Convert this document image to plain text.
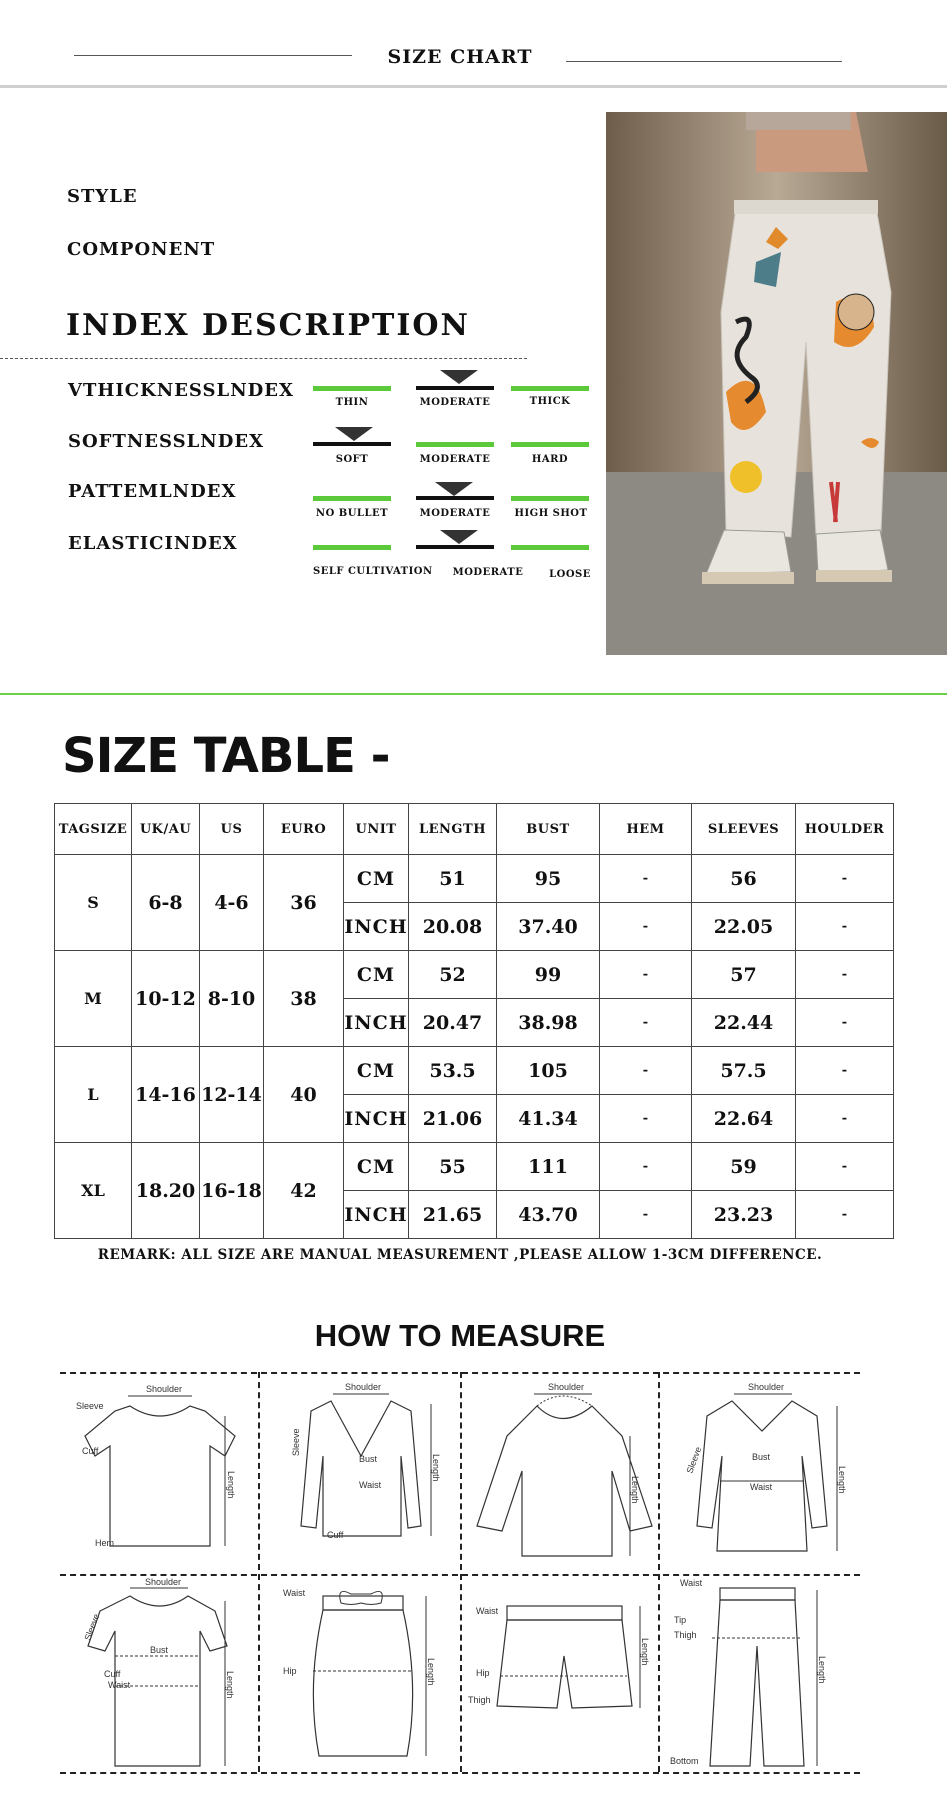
SIZE CHART
STYLE
COMPONENT
INDEX DESCRIPTION
VTHICKNESSLNDEX
SOFTNESSLNDEX
PATTEMLNDEX
ELASTICINDEX
THIN	MODERATE	THICK
SOFT	MODERATE	HARD
NO BULLET	MODERATE	HIGH SHOT
SELF CULTIVATION	MODERATE	LOOSE
SIZE TABLE -
TAGSIZE	UK/AU	US	EURO	UNIT	LENGTH	BUST	HEM	SLEEVES	HOULDER
S	6-8	4-6	36	CM	51	95	-	56	-
				INCH	20.08	37.40	-	22.05	-
M	10-12	8-10	38	CM	52	99	-	57	-
				INCH	20.47	38.98	-	22.44	-
L	14-16	12-14	40	CM	53.5	105	-	57.5	-
				INCH	21.06	41.34	-	22.64	-
XL	18.20	16-18	42	CM	55	111	-	59	-
				INCH	21.65	43.70	-	23.23	-
REMARK: ALL SIZE ARE MANUAL MEASUREMENT ,PLEASE ALLOW 1-3CM DIFFERENCE.
HOW TO MEASURE
Shoulder
Sleeve
Cuff
Hem
Length
Shoulder
Bust
Waist
Cuff
Sleeve
Length
Shoulder
Length
Shoulder
Bust
Waist
Sleeve
Length
Shoulder
Bust
Waist
Cuff
Sleeve
Length
Waist
Hip	Length
Waist
Hip
Thigh
Length
Waist
Tip
Thigh
Bottom
Length
